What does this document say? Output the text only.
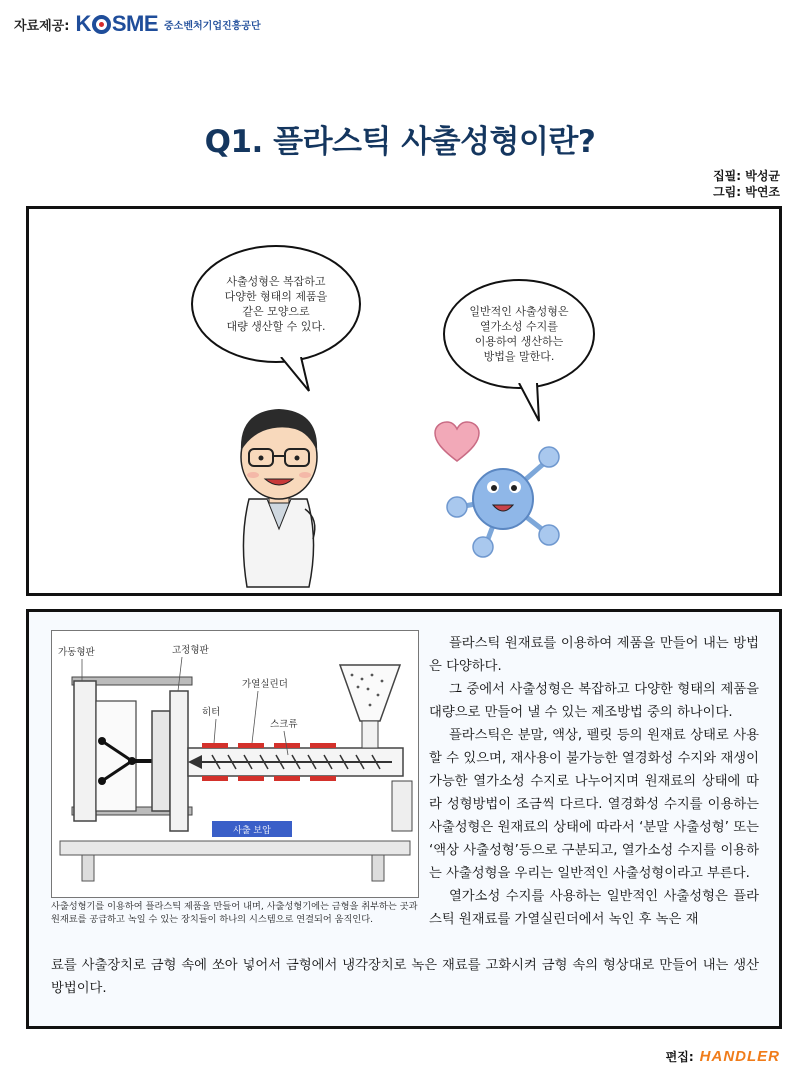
자료제공: K SME 중소벤처기업진흥공단
Q1. 플라스틱 사출성형이란?
집필: 박성균
그림: 박연조
사출성형은 복잡하고
다양한 형태의 제품을
같은 모양으로
대량 생산할 수 있다.
일반적인 사출성형은
열가소성 수지를
이용하여 생산하는
방법을 말한다.
사출 보압
가동형판	고정형판
가열실린더
히터
스크류
사출성형기를 이용하여 플라스틱 제품을 만들어 내며, 사출성형기에는 금형을 취부하는 곳과 원재료를 공급하고 녹일 수 있는 장치들이 하나의 시스템으로 연결되어 움직인다.

플라스틱 원재료를 이용하여 제품을 만들어 내는 방법은 다양하다.

그 중에서 사출성형은 복잡하고 다양한 형태의 제품을 대량으로 만들어 낼 수 있는 제조방법 중의 하나이다.

플라스틱은 분말, 액상, 펠릿 등의 원재료 상태로 사용할 수 있으며, 재사용이 불가능한 열경화성 수지와 재생이 가능한 열가소성 수지로 나누어지며 원재료의 상태에 따라 성형방법이 조금씩 다르다. 열경화성 수지를 이용하는 사출성형은 원재료의 상태에 따라서 ‘분말 사출성형’ 또는 ‘액상 사출성형’등으로 구분되고, 열가소성 수지를 이용하는 사출성형을 우리는 일반적인 사출성형이라고 부른다.

열가소성 수지를 사용하는 일반적인 사출성형은 플라스틱 원재료를 가열실린더에서 녹인 후 녹은 재

료를 사출장치로 금형 속에 쏘아 넣어서 금형에서 냉각장치로 녹은 재료를 고화시켜 금형 속의 형상대로 만들어 내는 생산방법이다.
편집: HANDLER
